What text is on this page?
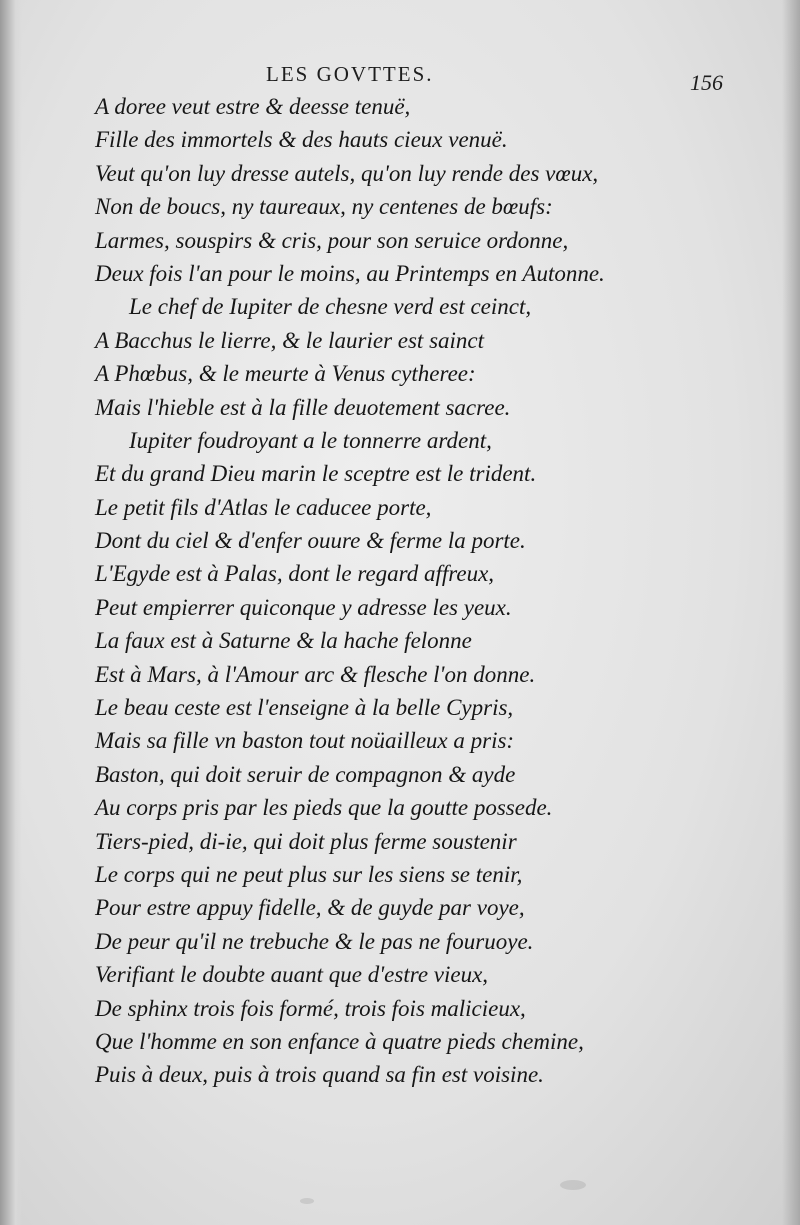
LES GOVTTES.	156
A doree veut estre & deesse tenuë,
Fille des immortels & des hauts cieux venuë.
Veut qu'on luy dresse autels, qu'on luy rende des vœux,
Non de boucs, ny taureaux, ny centenes de bœufs:
Larmes, souspirs & cris, pour son seruice ordonne,
Deux fois l'an pour le moins, au Printemps en Autonne.
Le chef de Iupiter de chesne verd est ceinct,
A Bacchus le lierre, & le laurier est sainct
A Phœbus, & le meurte à Venus cytheree:
Mais l'hieble est à la fille deuotement sacree.
Iupiter foudroyant a le tonnerre ardent,
Et du grand Dieu marin le sceptre est le trident.
Le petit fils d'Atlas le caducee porte,
Dont du ciel & d'enfer ouure & ferme la porte.
L'Egyde est à Palas, dont le regard affreux,
Peut empierrer quiconque y adresse les yeux.
La faux est à Saturne & la hache felonne
Est à Mars, à l'Amour arc & flesche l'on donne.
Le beau ceste est l'enseigne à la belle Cypris,
Mais sa fille vn baston tout noüailleux a pris:
Baston, qui doit seruir de compagnon & ayde
Au corps pris par les pieds que la goutte possede.
Tiers-pied, di-ie, qui doit plus ferme soustenir
Le corps qui ne peut plus sur les siens se tenir,
Pour estre appuy fidelle, & de guyde par voye,
De peur qu'il ne trebuche & le pas ne fouruoye.
Verifiant le doubte auant que d'estre vieux,
De sphinx trois fois formé, trois fois malicieux,
Que l'homme en son enfance à quatre pieds chemine,
Puis à deux, puis à trois quand sa fin est voisine.
